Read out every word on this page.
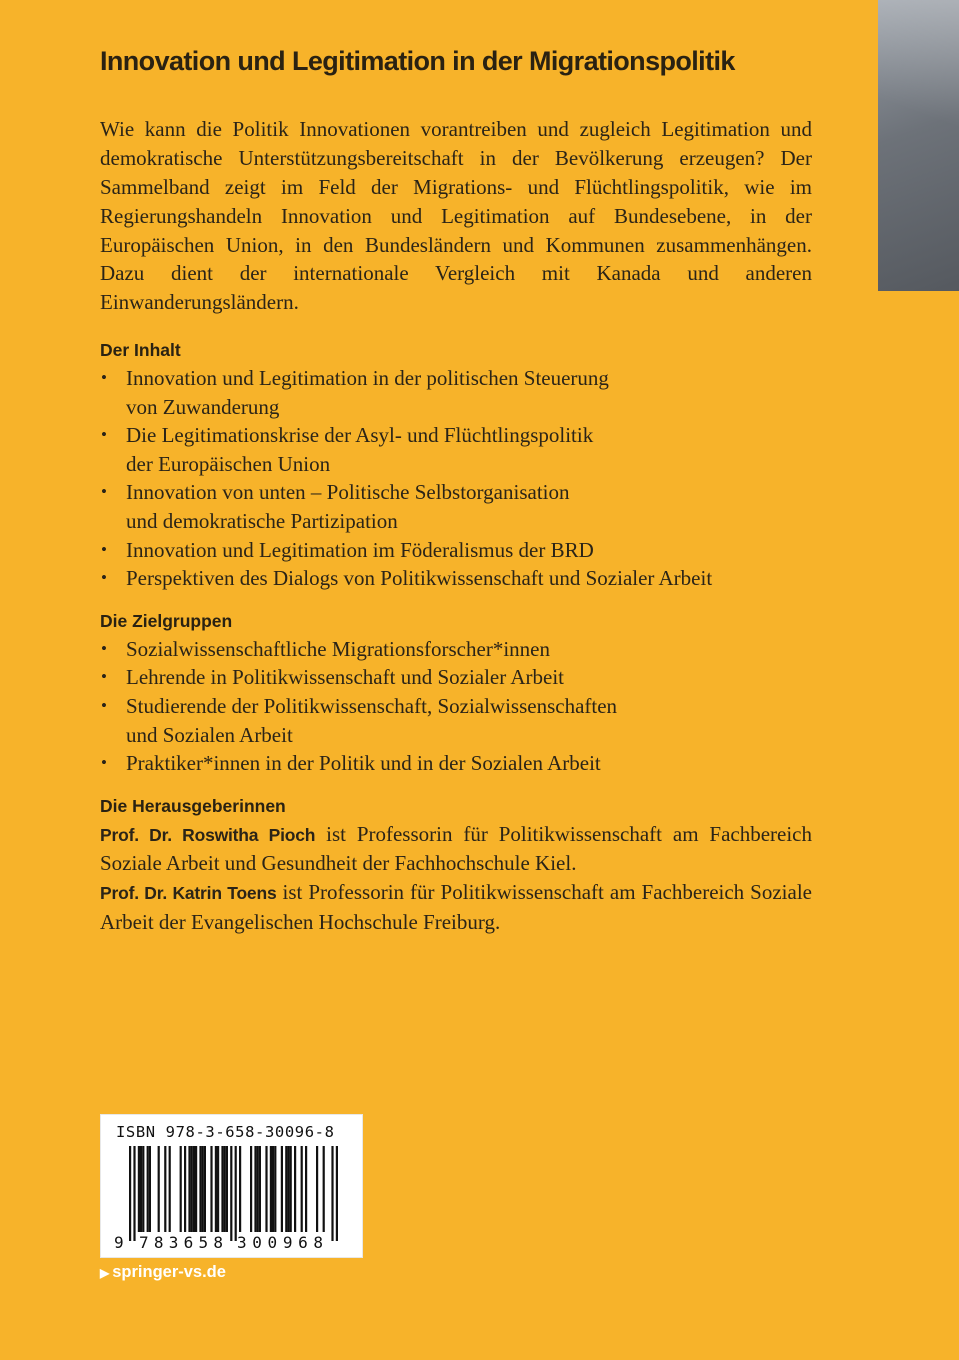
Innovation und Legitimation in der Migrationspolitik

Wie kann die Politik Innovationen vorantreiben und zugleich Legitimation und demokratische Unterstützungsbereitschaft in der Bevölkerung erzeugen? Der Sammelband zeigt im Feld der Migrations- und Flüchtlingspolitik, wie im Regierungshandeln Innovation und Legitimation auf Bundesebene, in der Europäischen Union, in den Bundesländern und Kommunen zusammenhängen. Dazu dient der internationale Vergleich mit Kanada und anderen Einwanderungsländern.

Der Inhalt
• Innovation und Legitimation in der politischen Steuerung
von Zuwanderung
• Die Legitimationskrise der Asyl- und Flüchtlingspolitik
der Europäischen Union
• Innovation von unten – Politische Selbstorganisation
und demokratische Partizipation
• Innovation und Legitimation im Föderalismus der BRD
• Perspektiven des Dialogs von Politikwissenschaft und Sozialer Arbeit
Die Zielgruppen
• Sozialwissenschaftliche Migrationsforscher*innen
• Lehrende in Politikwissenschaft und Sozialer Arbeit
• Studierende der Politikwissenschaft, Sozialwissenschaften
und Sozialen Arbeit
• Praktiker*innen in der Politik und in der Sozialen Arbeit
Die Herausgeberinnen

Prof. Dr. Roswitha Pioch ist Professorin für Politikwissenschaft am Fachbereich Soziale Arbeit und Gesundheit der Fachhochschule Kiel.

Prof. Dr. Katrin Toens ist Professorin für Politikwissenschaft am Fachbereich Soziale Arbeit der Evangelischen Hochschule Freiburg.

ISBN 978-3-658-30096-8
9 783658 300968
▶ springer-vs.de
